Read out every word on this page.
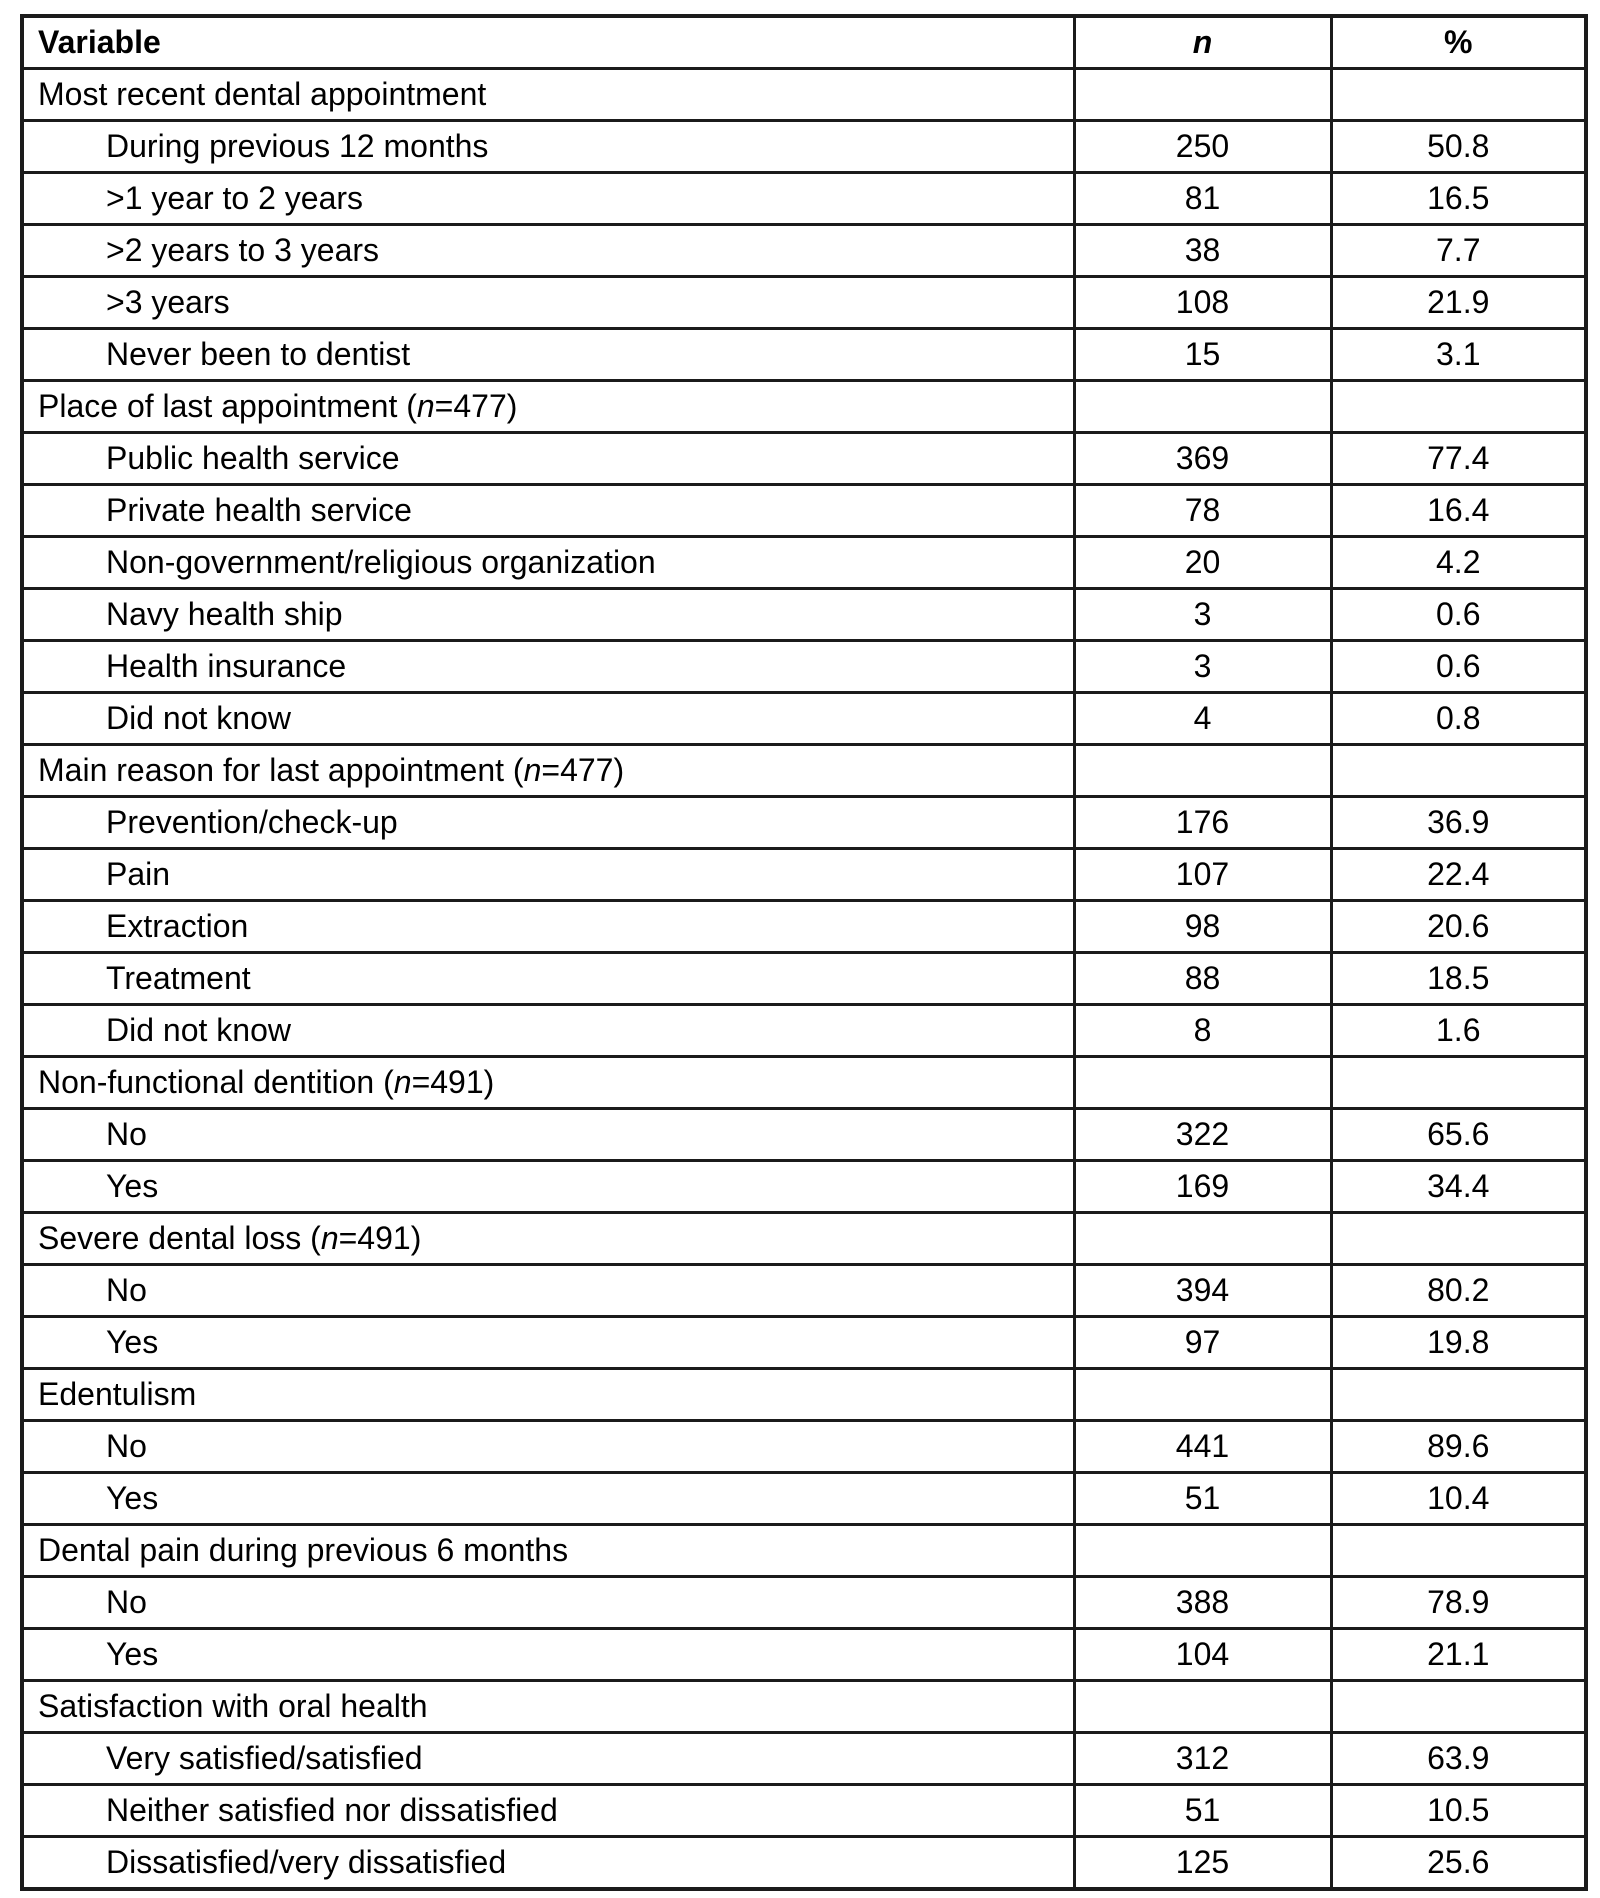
Variable	n	%
Most recent dental appointment		
During previous 12 months	250	50.8
>1 year to 2 years	81	16.5
>2 years to 3 years	38	7.7
>3 years	108	21.9
Never been to dentist	15	3.1
Place of last appointment (n=477)		
Public health service	369	77.4
Private health service	78	16.4
Non-government/religious organization	20	4.2
Navy health ship	3	0.6
Health insurance	3	0.6
Did not know	4	0.8
Main reason for last appointment (n=477)		
Prevention/check-up	176	36.9
Pain	107	22.4
Extraction	98	20.6
Treatment	88	18.5
Did not know	8	1.6
Non-functional dentition (n=491)		
No	322	65.6
Yes	169	34.4
Severe dental loss (n=491)		
No	394	80.2
Yes	97	19.8
Edentulism		
No	441	89.6
Yes	51	10.4
Dental pain during previous 6 months		
No	388	78.9
Yes	104	21.1
Satisfaction with oral health		
Very satisfied/satisfied	312	63.9
Neither satisfied nor dissatisfied	51	10.5
Dissatisfied/very dissatisfied	125	25.6
